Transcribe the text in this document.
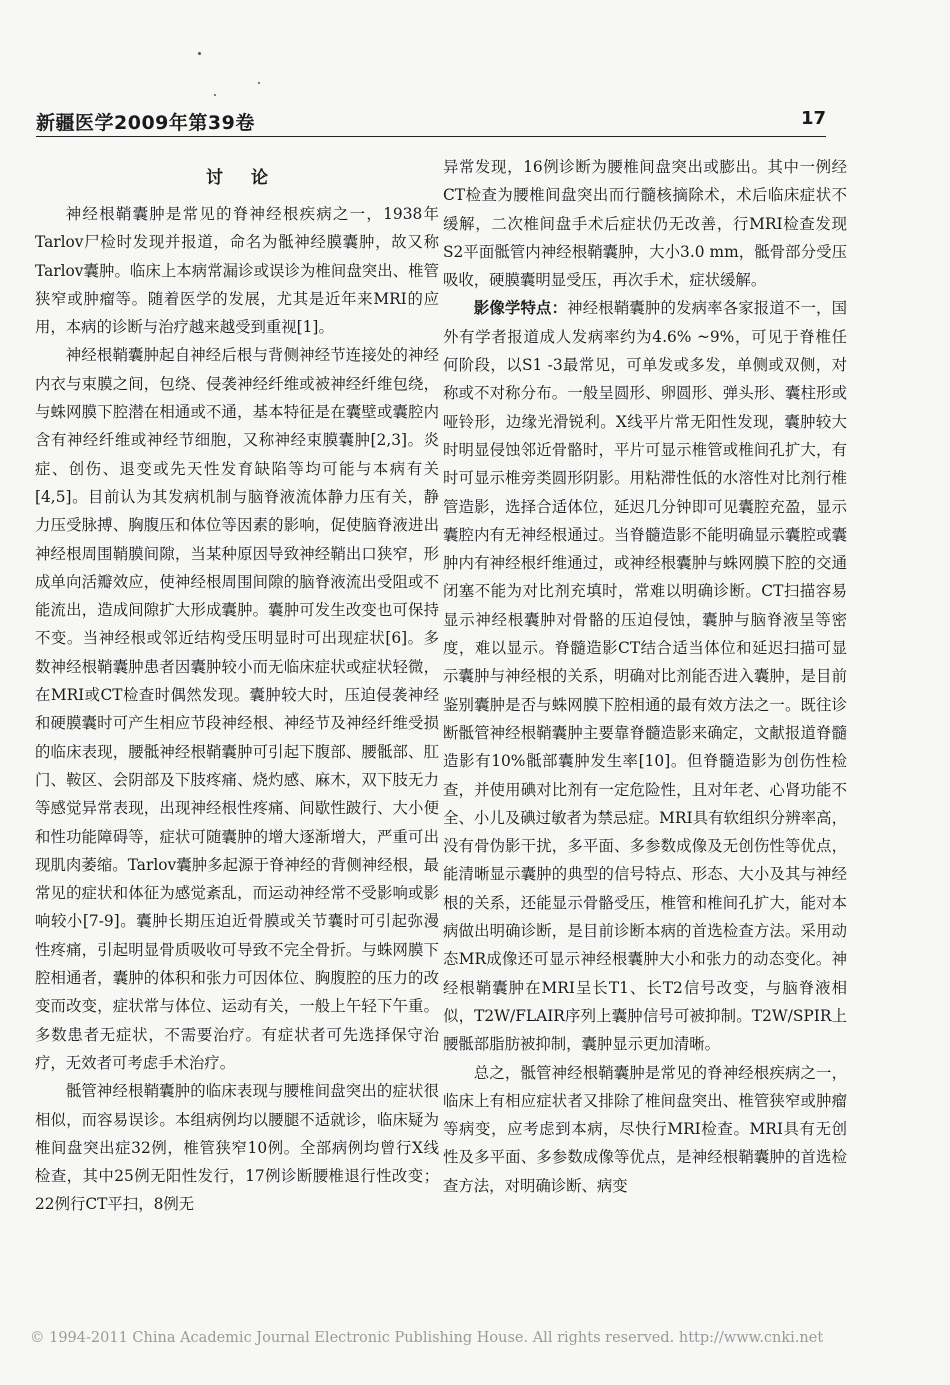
新疆医学2009年第39卷	17
讨论

神经根鞘囊肿是常见的脊神经根疾病之一，1938年Tarlov尸检时发现并报道，命名为骶神经膜囊肿，故又称Tarlov囊肿。临床上本病常漏诊或误诊为椎间盘突出、椎管狭窄或肿瘤等。随着医学的发展，尤其是近年来MRI的应用，本病的诊断与治疗越来越受到重视[1]。

神经根鞘囊肿起自神经后根与背侧神经节连接处的神经内衣与束膜之间，包绕、侵袭神经纤维或被神经纤维包绕，与蛛网膜下腔潜在相通或不通，基本特征是在囊壁或囊腔内含有神经纤维或神经节细胞，又称神经束膜囊肿[2,3]。炎症、创伤、退变或先天性发育缺陷等均可能与本病有关[4,5]。目前认为其发病机制与脑脊液流体静力压有关，静力压受脉搏、胸腹压和体位等因素的影响，促使脑脊液进出神经根周围鞘膜间隙，当某种原因导致神经鞘出口狭窄，形成单向活瓣效应，使神经根周围间隙的脑脊液流出受阻或不能流出，造成间隙扩大形成囊肿。囊肿可发生改变也可保持不变。当神经根或邻近结构受压明显时可出现症状[6]。多数神经根鞘囊肿患者因囊肿较小而无临床症状或症状轻微，在MRI或CT检查时偶然发现。囊肿较大时，压迫侵袭神经和硬膜囊时可产生相应节段神经根、神经节及神经纤维受损的临床表现，腰骶神经根鞘囊肿可引起下腹部、腰骶部、肛门、鞍区、会阴部及下肢疼痛、烧灼感、麻木，双下肢无力等感觉异常表现，出现神经根性疼痛、间歇性跛行、大小便和性功能障碍等，症状可随囊肿的增大逐渐增大，严重可出现肌肉萎缩。Tarlov囊肿多起源于脊神经的背侧神经根，最常见的症状和体征为感觉紊乱，而运动神经常不受影响或影响较小[7-9]。囊肿长期压迫近骨膜或关节囊时可引起弥漫性疼痛，引起明显骨质吸收可导致不完全骨折。与蛛网膜下腔相通者，囊肿的体积和张力可因体位、胸腹腔的压力的改变而改变，症状常与体位、运动有关，一般上午轻下午重。多数患者无症状，不需要治疗。有症状者可先选择保守治疗，无效者可考虑手术治疗。

骶管神经根鞘囊肿的临床表现与腰椎间盘突出的症状很相似，而容易误诊。本组病例均以腰腿不适就诊，临床疑为椎间盘突出症32例，椎管狭窄10例。全部病例均曾行X线检查，其中25例无阳性发行，17例诊断腰椎退行性改变；22例行CT平扫，8例无

异常发现，16例诊断为腰椎间盘突出或膨出。其中一例经CT检查为腰椎间盘突出而行髓核摘除术，术后临床症状不缓解，二次椎间盘手术后症状仍无改善，行MRI检查发现S2平面骶管内神经根鞘囊肿，大小3.0 mm，骶骨部分受压吸收，硬膜囊明显受压，再次手术，症状缓解。

影像学特点：神经根鞘囊肿的发病率各家报道不一，国外有学者报道成人发病率约为4.6% ~9%，可见于脊椎任何阶段，以S1 -3最常见，可单发或多发，单侧或双侧，对称或不对称分布。一般呈圆形、卵圆形、弹头形、囊柱形或哑铃形，边缘光滑锐利。X线平片常无阳性发现，囊肿较大时明显侵蚀邻近骨骼时，平片可显示椎管或椎间孔扩大，有时可显示椎旁类圆形阴影。用粘滞性低的水溶性对比剂行椎管造影，选择合适体位，延迟几分钟即可见囊腔充盈，显示囊腔内有无神经根通过。当脊髓造影不能明确显示囊腔或囊肿内有神经根纤维通过，或神经根囊肿与蛛网膜下腔的交通闭塞不能为对比剂充填时，常难以明确诊断。CT扫描容易显示神经根囊肿对骨骼的压迫侵蚀，囊肿与脑脊液呈等密度，难以显示。脊髓造影CT结合适当体位和延迟扫描可显示囊肿与神经根的关系，明确对比剂能否进入囊肿，是目前鉴别囊肿是否与蛛网膜下腔相通的最有效方法之一。既往诊断骶管神经根鞘囊肿主要靠脊髓造影来确定，文献报道脊髓造影有10%骶部囊肿发生率[10]。但脊髓造影为创伤性检查，并使用碘对比剂有一定危险性，且对年老、心肾功能不全、小儿及碘过敏者为禁忌症。MRI具有软组织分辨率高，没有骨伪影干扰，多平面、多参数成像及无创伤性等优点，能清晰显示囊肿的典型的信号特点、形态、大小及其与神经根的关系，还能显示骨骼受压，椎管和椎间孔扩大，能对本病做出明确诊断，是目前诊断本病的首选检查方法。采用动态MR成像还可显示神经根囊肿大小和张力的动态变化。神经根鞘囊肿在MRI呈长T1、长T2信号改变，与脑脊液相似，T2W/FLAIR序列上囊肿信号可被抑制。T2W/SPIR上腰骶部脂肪被抑制，囊肿显示更加清晰。

总之，骶管神经根鞘囊肿是常见的脊神经根疾病之一，临床上有相应症状者又排除了椎间盘突出、椎管狭窄或肿瘤等病变，应考虑到本病，尽快行MRI检查。MRI具有无创性及多平面、多参数成像等优点，是神经根鞘囊肿的首选检查方法，对明确诊断、病变

© 1994-2011 China Academic Journal Electronic Publishing House. All rights reserved. http://www.cnki.net
